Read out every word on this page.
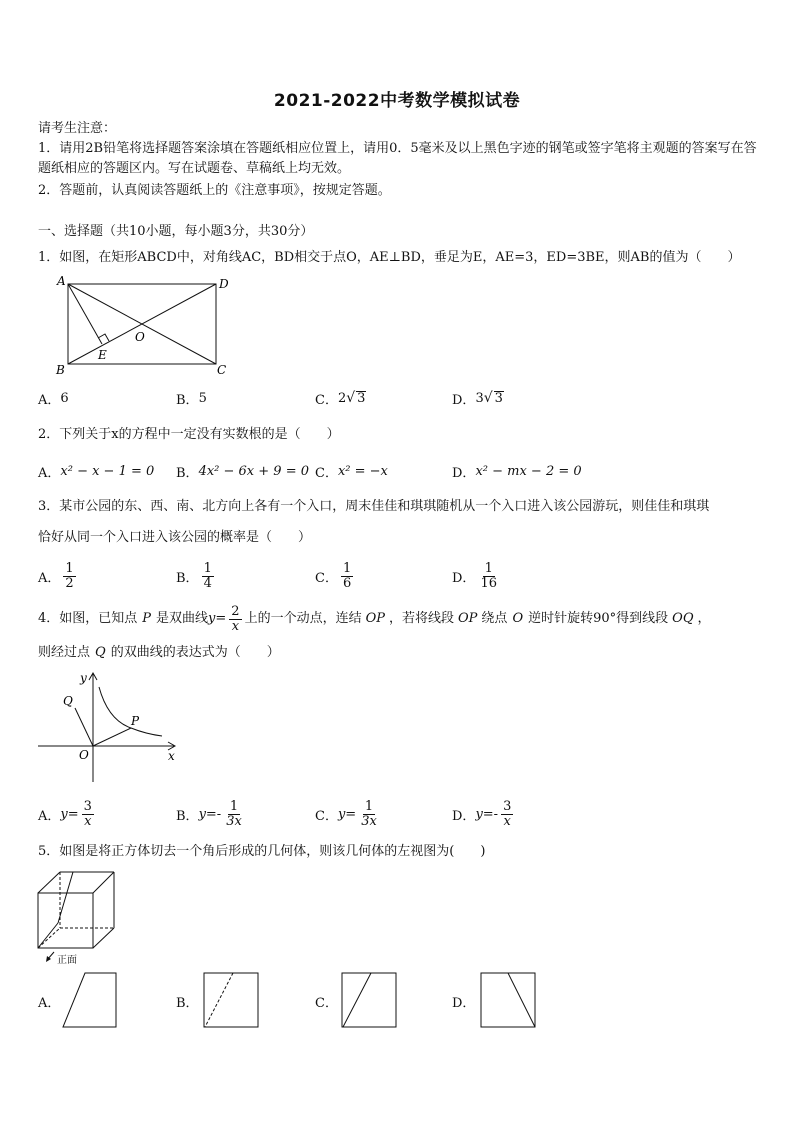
2021-2022中考数学模拟试卷
请考生注意：
1．请用2B铅笔将选择题答案涂填在答题纸相应位置上，请用0．5毫米及以上黑色字迹的钢笔或签字笔将主观题的答案写在答题纸相应的答题区内。写在试题卷、草稿纸上均无效。
2．答题前，认真阅读答题纸上的《注意事项》，按规定答题。
一、选择题（共10小题，每小题3分，共30分）
1．如图，在矩形ABCD中，对角线AC，BD相交于点O，AE⊥BD，垂足为E，AE=3，ED=3BE，则AB的值为（　　）
A	D
B	C
O
E
A． 6	B． 5	C． 2 √ 3	D． 3 √ 3
2．下列关于x的方程中一定没有实数根的是（　　）
A． x² − x − 1 = 0 B． 4x² − 6x + 9 = 0 C． x² = −x	D． x² − mx − 2 = 0
3．某市公园的东、西、南、北方向上各有一个入口，周末佳佳和琪琪随机从一个入口进入该公园游玩，则佳佳和琪琪
恰好从同一个入口进入该公园的概率是（　　）
A． $\frac{1}{2}$	B． $\frac{1}{4}$	C． $\frac{1}{6}$	D． $\frac{1}{16}$
4．如图，已知点 P 是双曲线 $y= \frac{2}{x}$ 上的一个动点，连结 OP ，若将线段 OP 绕点 O 逆时针旋转90°得到线段 OQ ，
则经过点 Q 的双曲线的表达式为（　　）
y
x
O
P
Q
A． $y= \frac{3}{x}$	B． $y=- \frac{1}{3x}$	C． $y= \frac{1}{3x}$	D． $y=- \frac{3}{x}$
5．如图是将正方体切去一个角后形成的几何体，则该几何体的左视图为(　　)
正面
A．	B．	C．	D．
